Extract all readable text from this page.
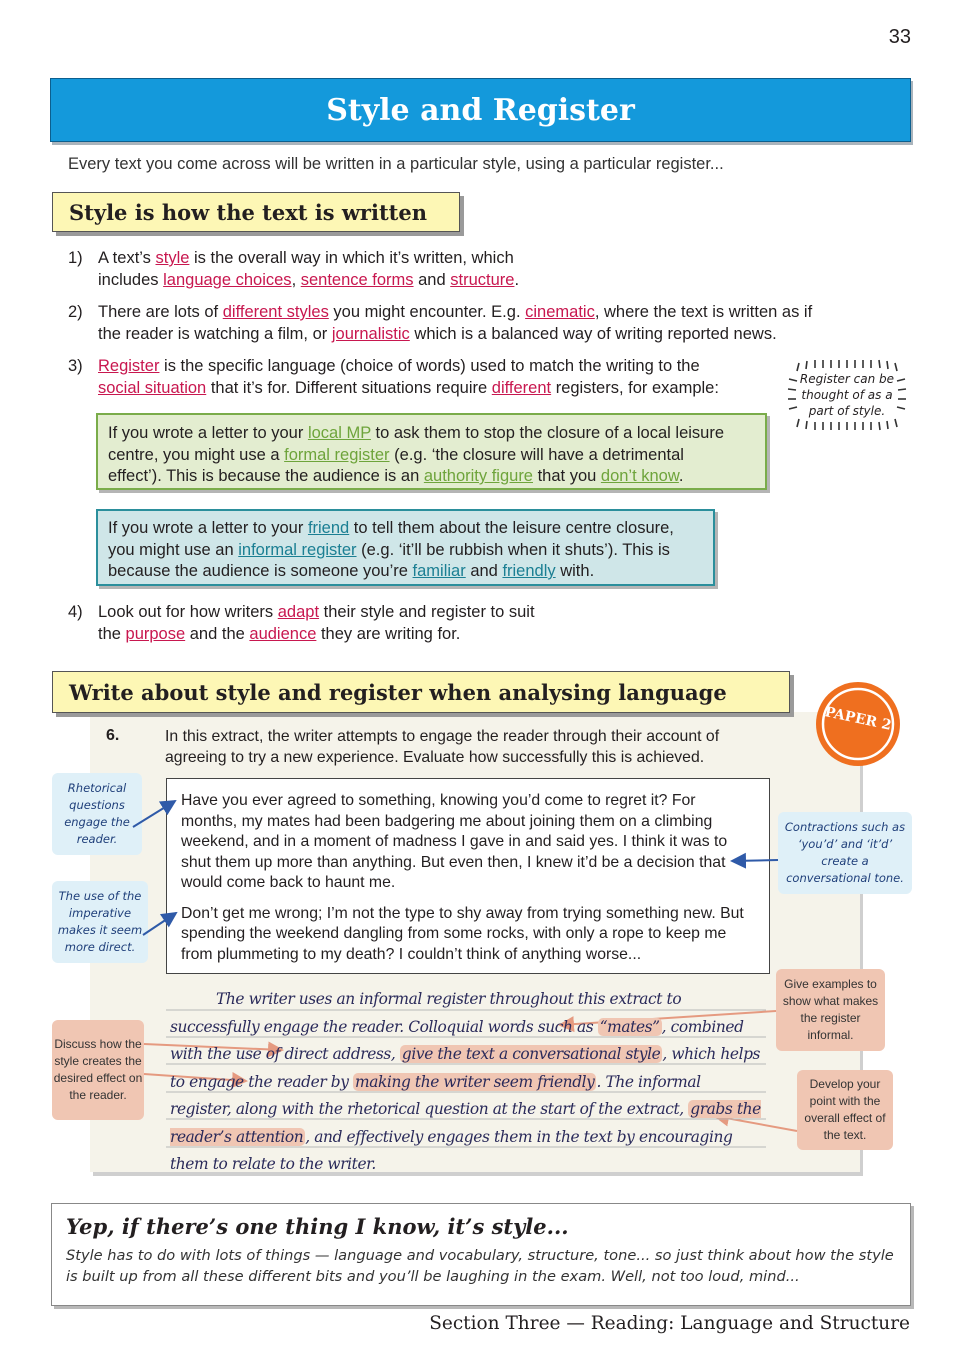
33
Style and Register
Every text you come across will be written in a particular style, using a particular register...
Style is how the text is written
1) A text’s style is the overall way in which it’s written, which
includes language choices, sentence forms and structure.
2) There are lots of different styles you might encounter. E.g. cinematic, where the text is written as if
the reader is watching a film, or journalistic which is a balanced way of writing reported news.
3) Register is the specific language (choice of words) used to match the writing to the
social situation that it’s for. Different situations require different registers, for example:	Register can be
thought of as a
part of style.
If you wrote a letter to your local MP to ask them to stop the closure of a local leisure
centre, you might use a formal register (e.g. ‘the closure will have a detrimental
effect’). This is because the audience is an authority figure that you don’t know.
If you wrote a letter to your friend to tell them about the leisure centre closure,
you might use an informal register (e.g. ‘it’ll be rubbish when it shuts’). This is
because the audience is someone you’re familiar and friendly with.
4) Look out for how writers adapt their style and register to suit
the purpose and the audience they are writing for.
Write about style and register when analysing language
PAPER 2
6.	In this extract, the writer attempts to engage the reader through their account of agreeing to try a new experience. Evaluate how successfully this is achieved.

Have you ever agreed to something, knowing you’d come to regret it? For months, my mates had been badgering me about joining them on a climbing weekend, and in a moment of madness I gave in and said yes. I think it was to shut them up more than anything. But even then, I knew it’d be a decision that would come back to haunt me.

Don’t get me wrong; I’m not the type to shy away from trying something new. But spending the weekend dangling from some rocks, with only a rope to keep me from plummeting to my death? I couldn’t think of anything worse...

Rhetorical questions engage the reader.
The use of the imperative makes it seem more direct.
Contractions such as ‘you’d’ and ‘it’d’ create a conversational tone.
Discuss how the style creates the desired effect on the reader.
Give examples to show what makes the register informal.
Develop your point with the overall effect of the text.
The writer uses an informal register throughout this extract to successfully engage the reader. Colloquial words such as “mates” , combined with the use of direct address, give the text a conversational style , which helps to engage the reader by making the writer seem friendly . The informal register, along with the rhetorical question at the start of the extract, grabs the reader’s attention , and effectively engages them in the text by encouraging them to relate to the writer.
Yep, if there’s one thing I know, it’s style...
Style has to do with lots of things — language and vocabulary, structure, tone... so just think about how the style is built up from all these different bits and you’ll be laughing in the exam. Well, not too loud, mind...
Section Three — Reading: Language and Structure
